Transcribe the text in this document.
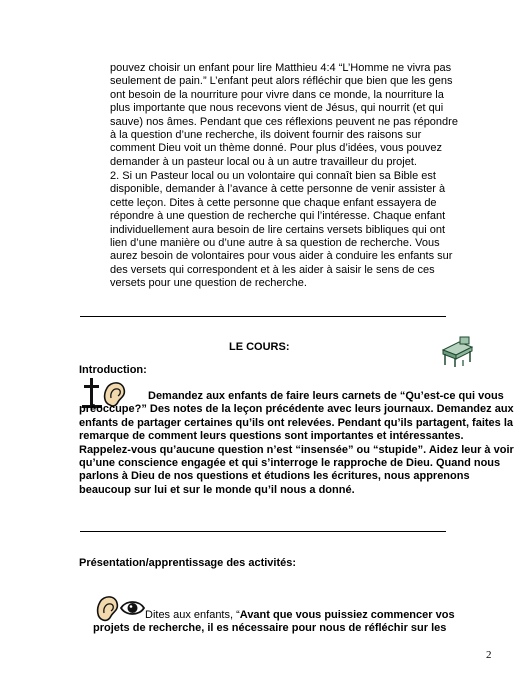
pouvez choisir un enfant pour lire Matthieu 4:4 “L’Homme ne vivra pas

seulement de pain.” L’enfant peut alors réfléchir que bien que les gens

ont besoin de la nourriture pour vivre dans ce monde, la nourriture la

plus importante que nous recevons vient de Jésus, qui nourrit (et qui

sauve) nos âmes. Pendant que ces réflexions peuvent ne pas répondre

à la question d’une recherche, ils doivent fournir des raisons sur

comment Dieu voit un thème donné. Pour plus d’idées, vous pouvez

demander à un pasteur local ou à un autre travailleur du projet.

2. Si un Pasteur local ou un volontaire qui connaît bien sa Bible est

disponible, demander à l’avance à cette personne de venir assister à

cette leçon. Dites à cette personne que chaque enfant essayera de

répondre à une question de recherche qui l’intéresse. Chaque enfant

individuellement aura besoin de lire certains versets bibliques qui ont

lien d’une manière ou d’une autre à sa question de recherche. Vous

aurez besoin de volontaires pour vous aider à conduire les enfants sur

des versets qui correspondent et à les aider à saisir le sens de ces

versets pour une question de recherche.

LE COURS:
Introduction:

Demandez aux enfants de faire leurs carnets de “Qu’est-ce qui vous

préoccupe?” Des notes de la leçon précédente avec leurs journaux. Demandez aux

enfants de partager certaines qu’ils ont relevées. Pendant qu’ils partagent, faites la

remarque de comment leurs questions sont importantes et intéressantes.

Rappelez-vous qu’aucune question n’est “insensée” ou “stupide”. Aidez leur à voir

qu’une conscience engagée et qui s’interroge le rapproche de Dieu. Quand nous

parlons à Dieu de nos questions et étudions les écritures, nous apprenons

beaucoup sur lui et sur le monde qu’il nous a donné.

Présentation/apprentissage des activités:

Dites aux enfants, “Avant que vous puissiez commencer vos

projets de recherche, il es nécessaire pour nous de réfléchir sur les

2
